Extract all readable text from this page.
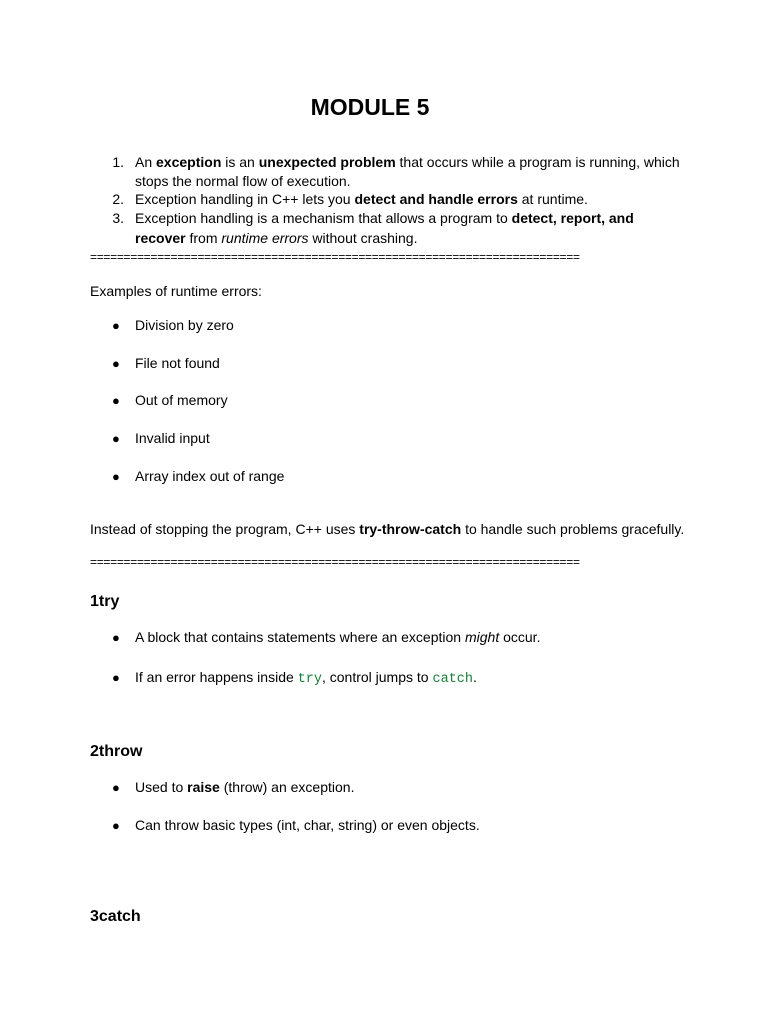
MODULE 5
1. An exception is an unexpected problem that occurs while a program is running, which
stops the normal flow of execution.
2. Exception handling in C++ lets you detect and handle errors at runtime.
3. Exception handling is a mechanism that allows a program to detect, report, and
recover from runtime errors without crashing.
=========================================================================
Examples of runtime errors:
● Division by zero
● File not found
● Out of memory
● Invalid input
● Array index out of range
Instead of stopping the program, C++ uses try-throw-catch to handle such problems gracefully.
=========================================================================
1try
● A block that contains statements where an exception might occur.
● If an error happens inside try, control jumps to catch.
2throw
● Used to raise (throw) an exception.
● Can throw basic types (int, char, string) or even objects.
3catch
